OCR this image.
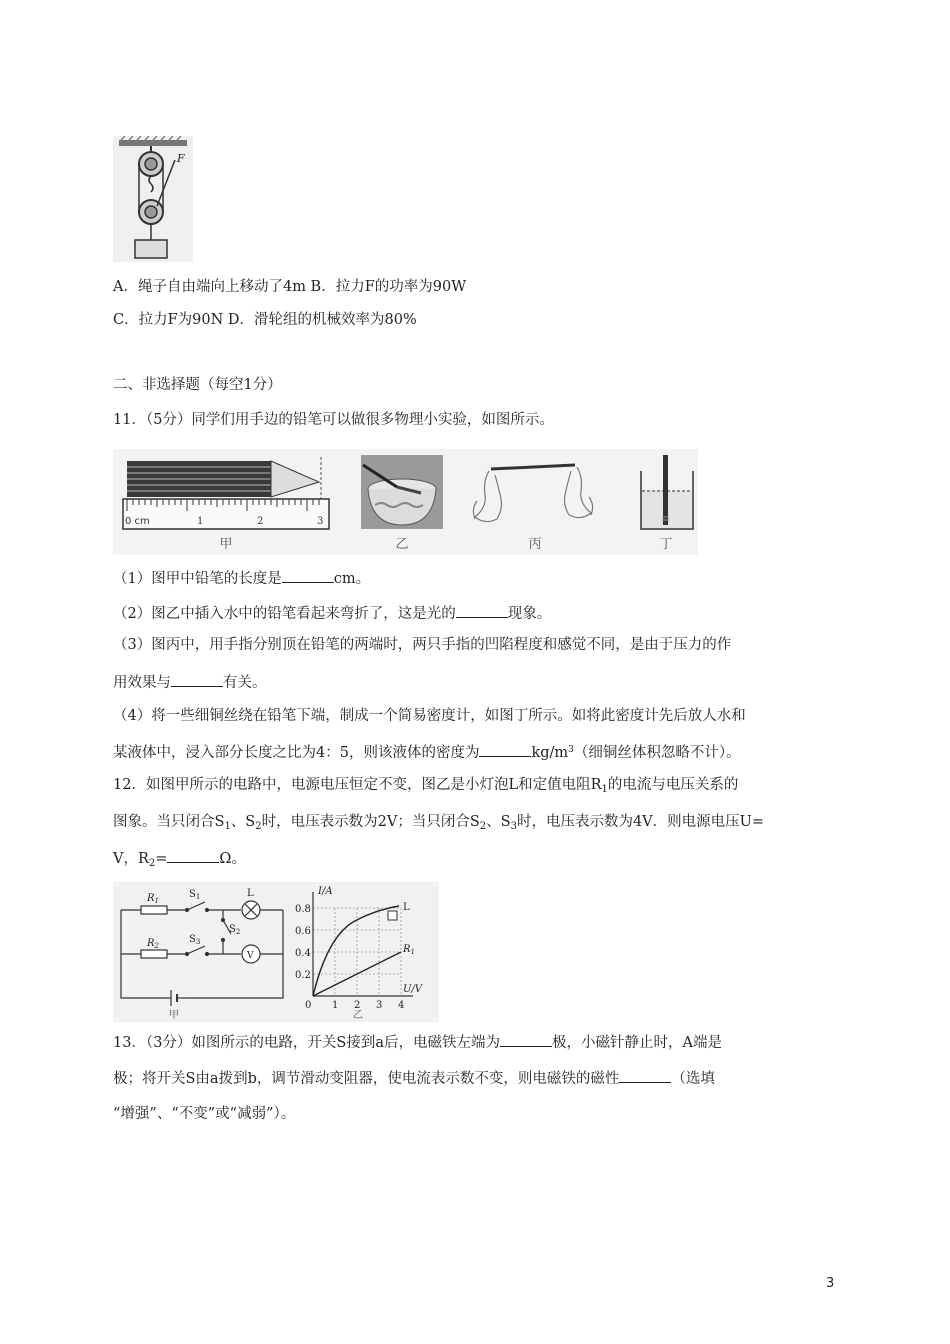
F
A．绳子自由端向上移动了4m B．拉力F的功率为90W
C．拉力F为90N D．滑轮组的机械效率为80%
二、非选择题（每空1分）
11．（5分）同学们用手边的铅笔可以做很多物理小实验，如图所示。
0 cm	1	2	3
甲	乙	丙	丁
（1）图甲中铅笔的长度是	cm。
（2）图乙中插入水中的铅笔看起来弯折了，这是光的	现象。
（3）图丙中，用手指分别顶在铅笔的两端时，两只手指的凹陷程度和感觉不同，是由于压力的作
用效果与	有关。
（4）将一些细铜丝绕在铅笔下端，制成一个简易密度计，如图丁所示。如将此密度计先后放人水和
某液体中，浸入部分长度之比为4：5，则该液体的密度为	$kg/m^3$（细铜丝体积忽略不计）。
12．如图甲所示的电路中，电源电压恒定不变，图乙是小灯泡L和定值电阻$R_1$的电流与电压关系的
图象。当只闭合$S_1$、$S_2$时，电压表示数为2V；当只闭合$S_2$、$S_3$时，电压表示数为4V．则电源电压U=
V，$R_2=$	Ω。
$R_1$
$S_1$	L
$S_2$
$R_2$
$S_3$
V
甲
I/A
U/V
0.8
0.6
0.4
0.2
0 1 2 3 4
L
$R_1$
乙
13．（3分）如图所示的电路，开关S接到a后，电磁铁左端为	极，小磁针静止时，A端是
极；将开关S由a拨到b，调节滑动变阻器，使电流表示数不变，则电磁铁的磁性	（选填
“增强”、“不变”或“减弱”）。
3
